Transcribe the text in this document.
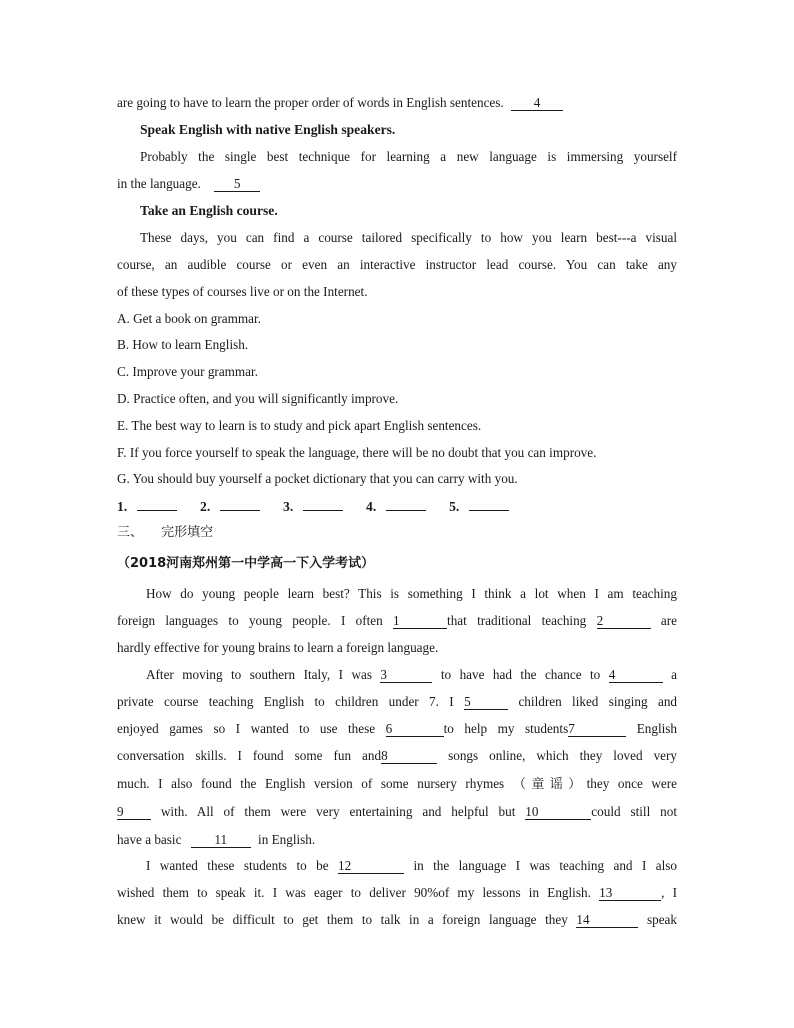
are going to have to learn the proper order of words in English sentences. 4
Speak English with native English speakers.
Probably the single best technique for learning a new language is immersing yourself
in the language.	5
Take an English course.
These days, you can find a course tailored specifically to how you learn best---a visual
course, an audible course or even an interactive instructor lead course. You can take any
of these types of courses live or on the Internet.
A. Get a book on grammar.
B. How to learn English.
C. Improve your grammar.
D. Practice often, and you will significantly improve.
E. The best way to learn is to study and pick apart English sentences.
F. If you force yourself to speak the language, there will be no doubt that you can improve.
G. You should buy yourself a pocket dictionary that you can carry with you.
1.	2.	3.	4.	5.
三、 完形填空
（2018河南郑州第一中学高一下入学考试）
How do young people learn best? This is something I think a lot when I am teaching
foreign languages to young people. I often 1	that traditional teaching 2	are
hardly effective for young brains to learn a foreign language.
After moving to southern Italy, I was 3	to have had the chance to 4	a
private course teaching English to children under 7. I 5	children liked singing and
enjoyed games so I wanted to use these 6	to help my students7	English
conversation skills. I found some fun and8	songs online, which they loved very
much. I also found the English version of some nursery rhymes （童谣）they once were
9	with. All of them were very entertaining and helpful but 10	could still not
have a basic 11 in English.
I wanted these students to be 12	in the language I was teaching and I also
wished them to speak it. I was eager to deliver 90%of my lessons in English. 13	, I
knew it would be difficult to get them to talk in a foreign language they 14	speak
